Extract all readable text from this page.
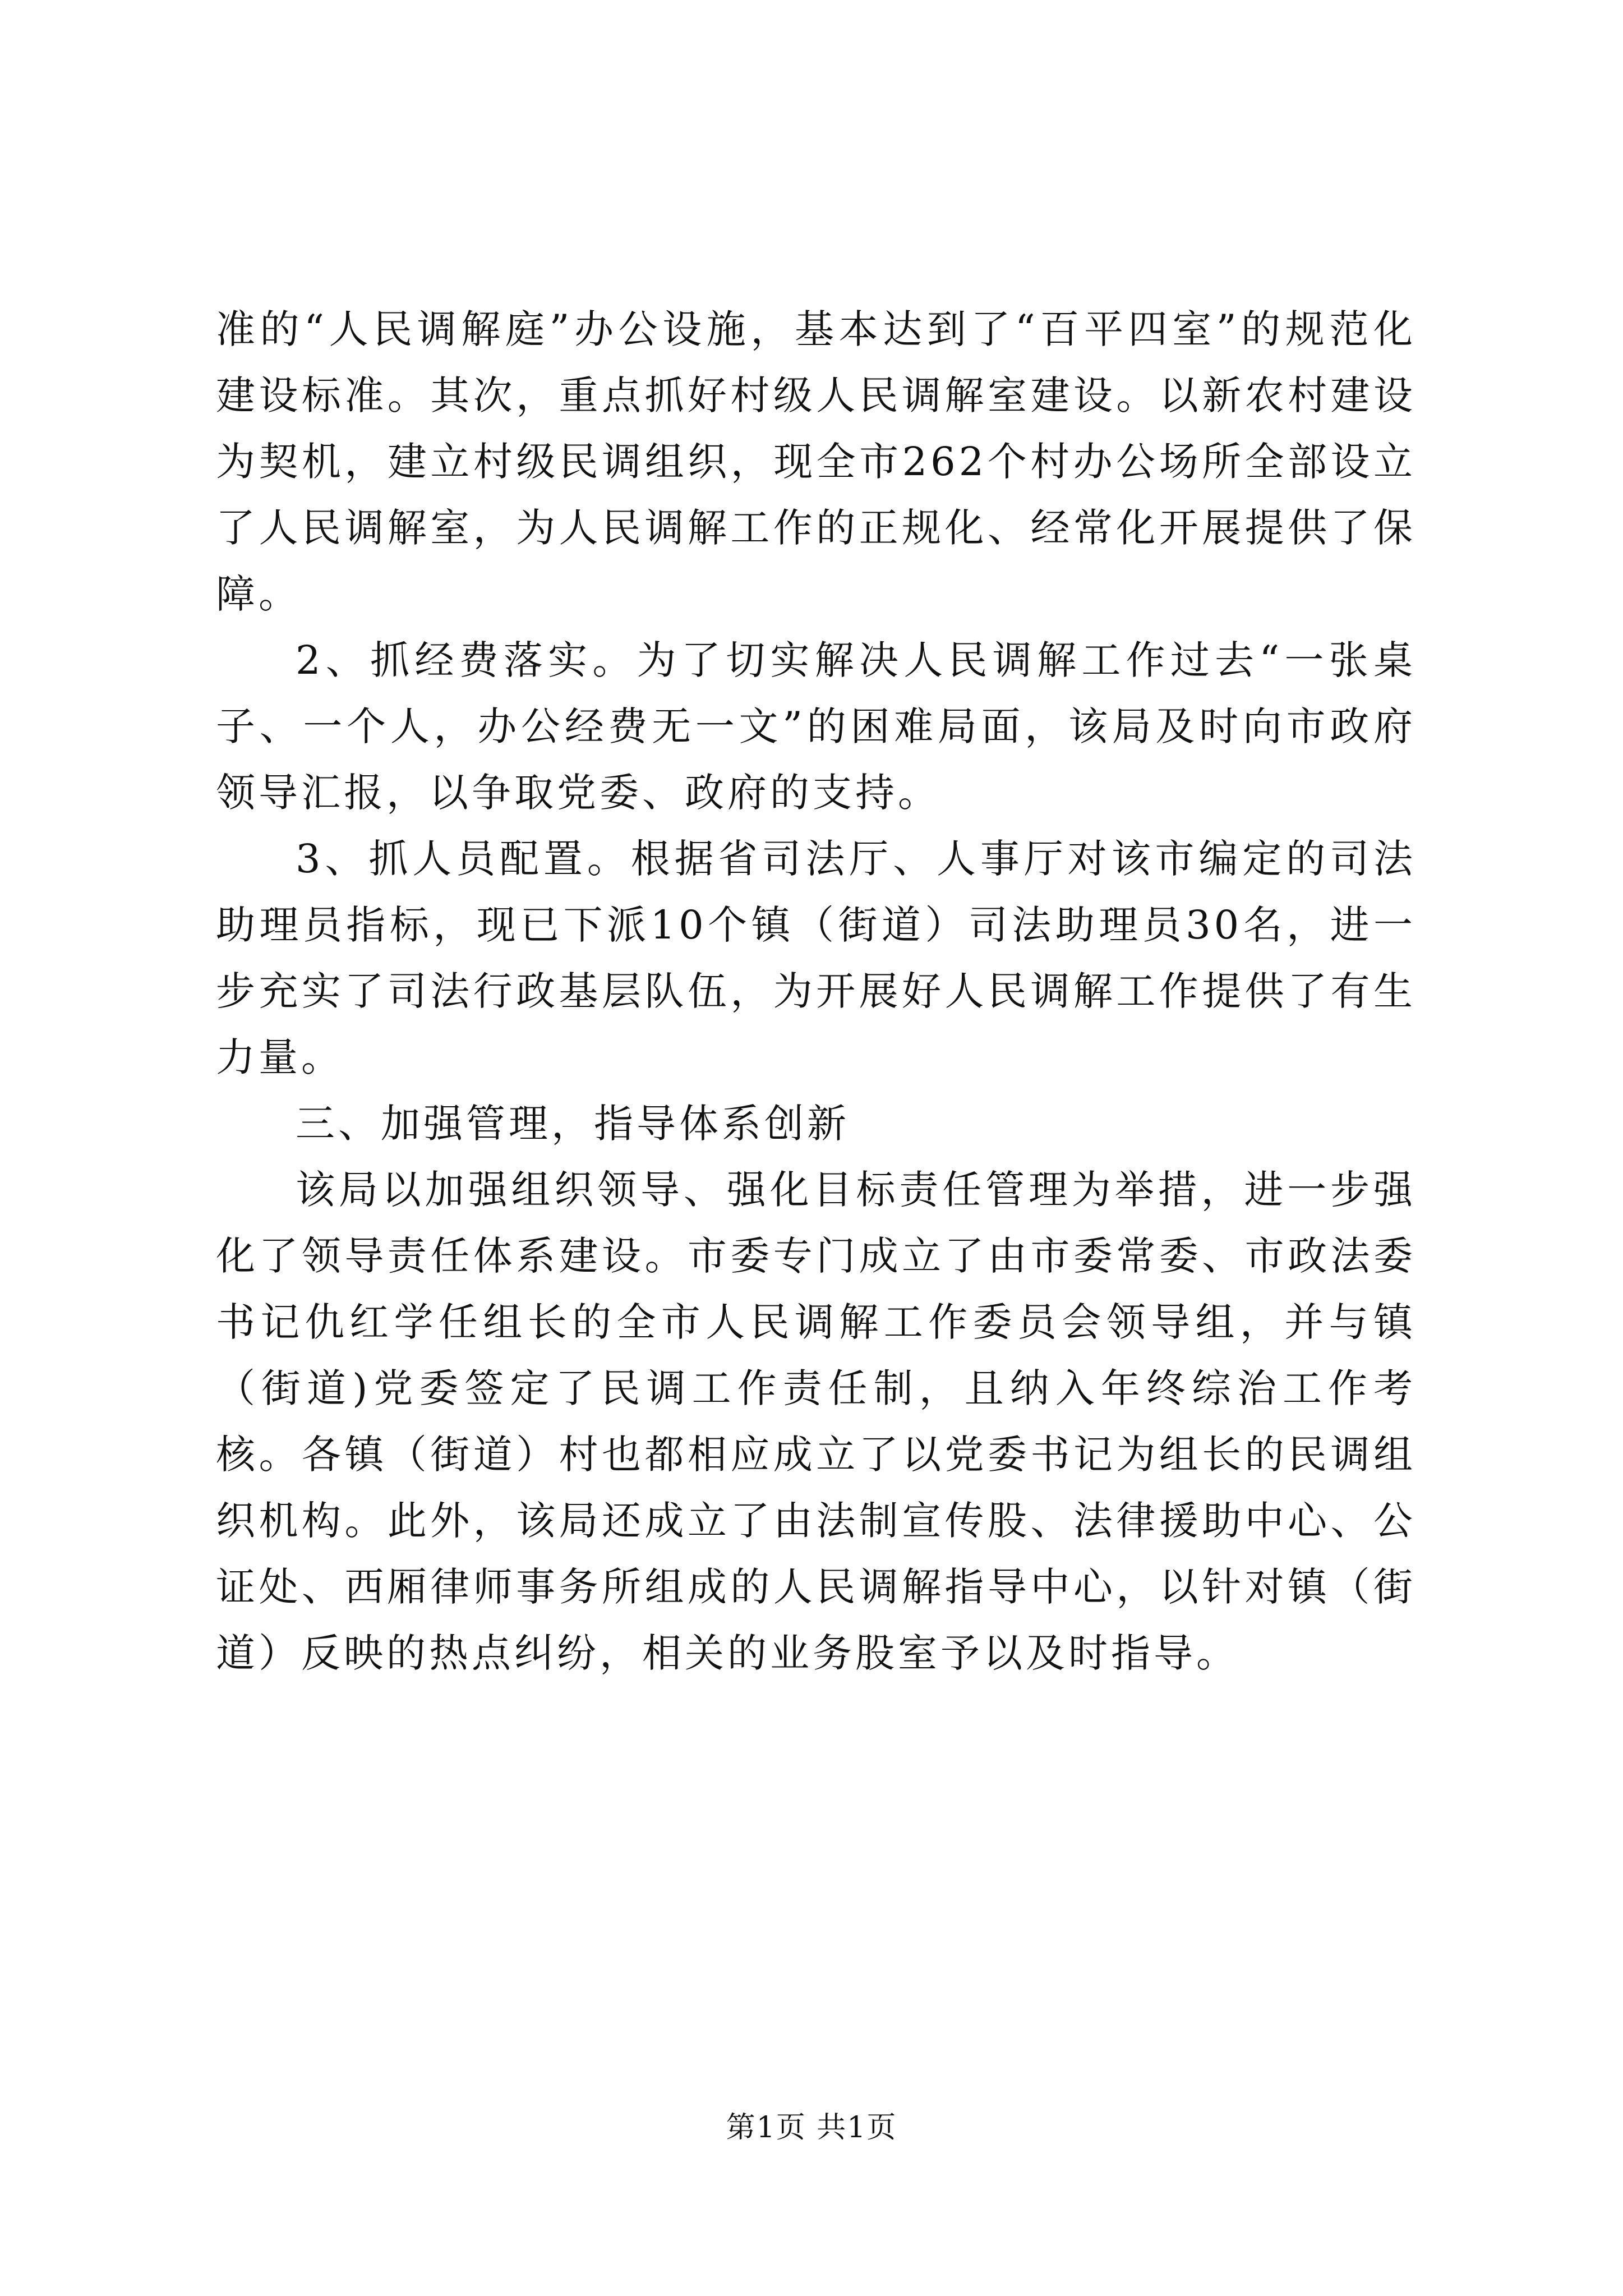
准的“人民调解庭”办公设施，基本达到了“百平四室”的规范化建设标准。其次，重点抓好村级人民调解室建设。以新农村建设为契机，建立村级民调组织，现全市262个村办公场所全部设立了人民调解室，为人民调解工作的正规化、经常化开展提供了保障。

2、抓经费落实。为了切实解决人民调解工作过去“一张桌子、一个人，办公经费无一文”的困难局面，该局及时向市政府领导汇报，以争取党委、政府的支持。

3、抓人员配置。根据省司法厅、人事厅对该市编定的司法助理员指标，现已下派10个镇（街道）司法助理员30名，进一步充实了司法行政基层队伍，为开展好人民调解工作提供了有生力量。

三、加强管理，指导体系创新

该局以加强组织领导、强化目标责任管理为举措，进一步强化了领导责任体系建设。市委专门成立了由市委常委、市政法委书记仇红学任组长的全市人民调解工作委员会领导组，并与镇（街道)党委签定了民调工作责任制，且纳入年终综治工作考核。各镇（街道）村也都相应成立了以党委书记为组长的民调组织机构。此外，该局还成立了由法制宣传股、法律援助中心、公证处、西厢律师事务所组成的人民调解指导中心，以针对镇（街道）反映的热点纠纷，相关的业务股室予以及时指导。

第1页 共1页
